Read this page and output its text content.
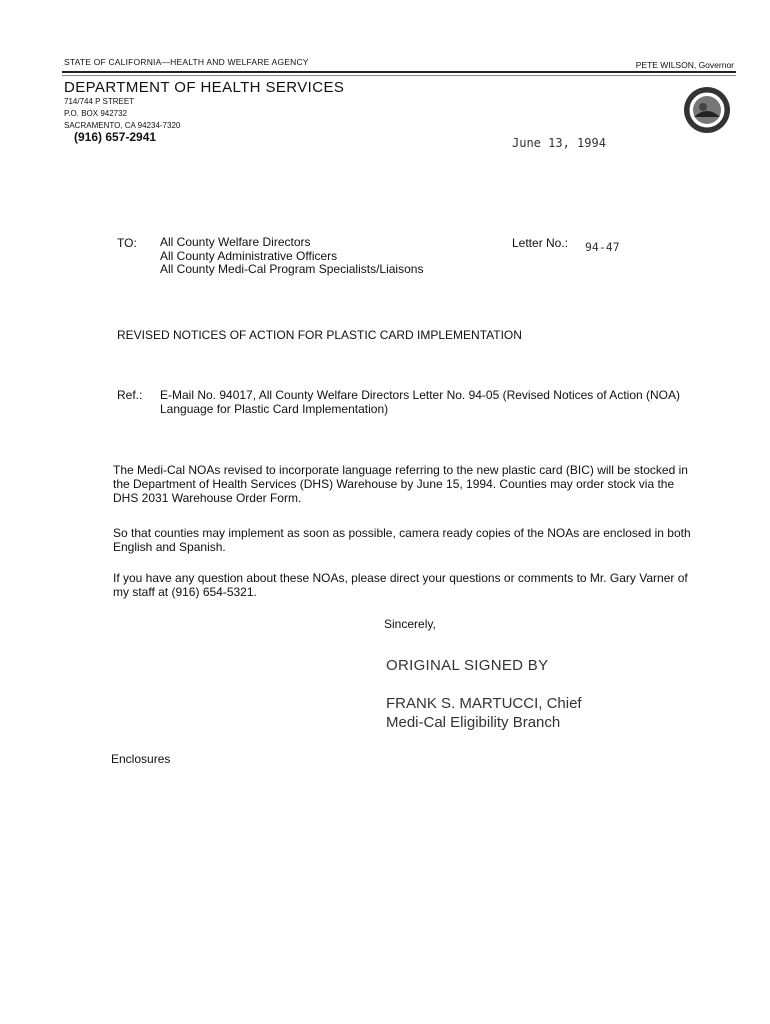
STATE OF CALIFORNIA—HEALTH AND WELFARE AGENCY	PETE WILSON, Governor
DEPARTMENT OF HEALTH SERVICES
714/744 P STREET
P.O. BOX 942732
SACRAMENTO, CA 94234-7320
(916) 657-2941	June 13, 1994
TO: All County Welfare Directors
All County Administrative Officers
All County Medi-Cal Program Specialists/Liaisons
Letter No.: 94-47
REVISED NOTICES OF ACTION FOR PLASTIC CARD IMPLEMENTATION
Ref.: E-Mail No. 94017, All County Welfare Directors Letter No. 94-05 (Revised Notices of Action (NOA) Language for Plastic Card Implementation)
The Medi-Cal NOAs revised to incorporate language referring to the new plastic card (BIC) will be stocked in the Department of Health Services (DHS) Warehouse by June 15, 1994. Counties may order stock via the DHS 2031 Warehouse Order Form.
So that counties may implement as soon as possible, camera ready copies of the NOAs are enclosed in both English and Spanish.
If you have any question about these NOAs, please direct your questions or comments to Mr. Gary Varner of my staff at (916) 654-5321.
Sincerely,
ORIGINAL SIGNED BY
FRANK S. MARTUCCI, Chief
Medi-Cal Eligibility Branch
Enclosures
